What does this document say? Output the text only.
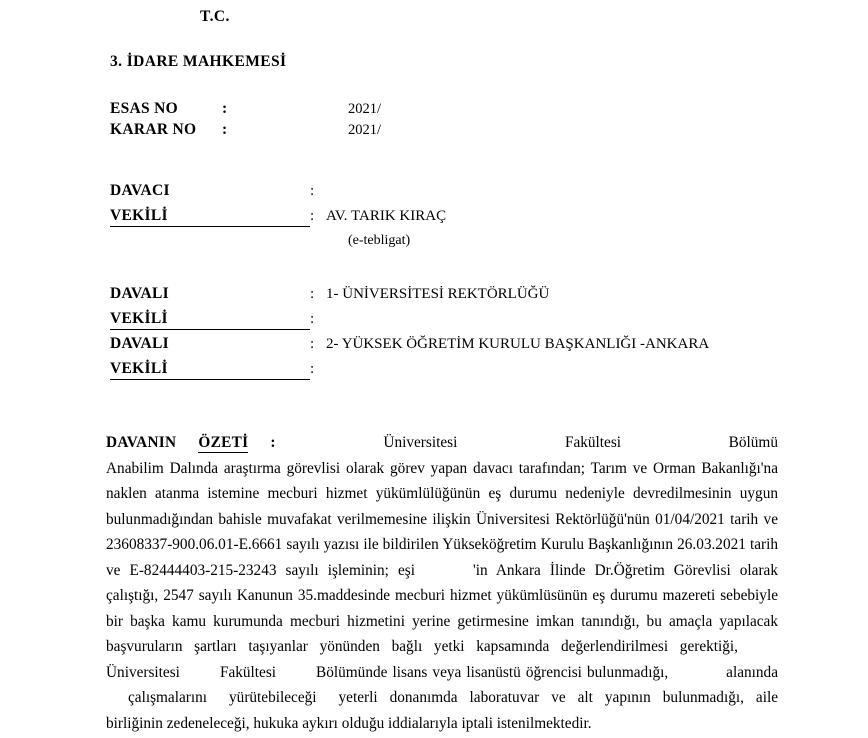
T.C.
3. İDARE MAHKEMESİ
ESAS NO	:	2021/
KARAR NO	:	2021/
DAVACI	:
VEKİLİ	: AV. TARIK KIRAÇ
(e-tebligat)
DAVALI	: 1- ÜNİVERSİTESİ REKTÖRLÜĞÜ
VEKİLİ	:
DAVALI	: 2- YÜKSEK ÖĞRETİM KURULU BAŞKANLIĞI -ANKARA
VEKİLİ	:
DAVANIN ÖZETİ :	Üniversitesi	Fakültesi	Bölümü
Anabilim Dalında araştırma görevlisi olarak görev yapan davacı tarafından; Tarım ve Orman Bakanlığı'na naklen atanma istemine mecburi hizmet yükümlülüğünün eş durumu nedeniyle devredilmesinin uygun bulunmadığından bahisle muvafakat verilmemesine ilişkin Üniversitesi Rektörlüğü'nün 01/04/2021 tarih ve 23608337-900.06.01-E.6661 sayılı yazısı ile bildirilen Yükseköğretim Kurulu Başkanlığının 26.03.2021 tarih ve E-82444403-215-23243 sayılı işleminin; eşi	'in Ankara İlinde Dr.Öğretim Görevlisi olarak çalıştığı, 2547 sayılı Kanunun 35.maddesinde mecburi hizmet yükümlüsünün eş durumu mazereti sebebiyle bir başka kamu kurumunda mecburi hizmetini yerine getirmesine imkan tanındığı, bu amaçla yapılacak başvuruların şartları taşıyanlar yönünden bağlı yetki kapsamında değerlendirilmesi gerektiği,Üniversitesi	Fakültesi	Bölümünde lisans veya lisanüstü öğrencisi bulunmadığı,	alanındaçalışmalarını yürütebileceği yeterli donanımda laboratuvar ve alt yapının bulunmadığı, aile birliğinin zedeneleceği, hukuka aykırı olduğu iddialarıyla iptali istenilmektedir.
